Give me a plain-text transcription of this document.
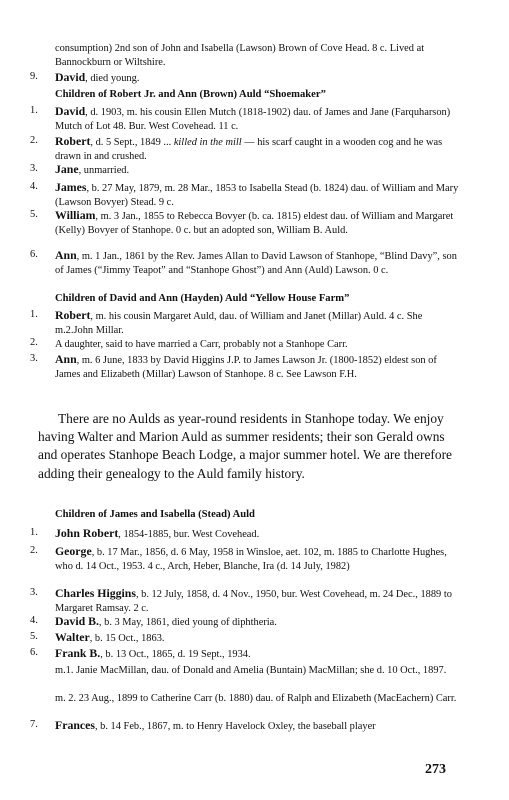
consumption) 2nd son of John and Isabella (Lawson) Brown of Cove Head. 8 c. Lived at Bannockburn or Wiltshire.
9.	David, died young.
Children of Robert Jr. and Ann (Brown) Auld “Shoemaker”
1.	David, d. 1903, m. his cousin Ellen Mutch (1818-1902) dau. of James and Jane (Farquharson) Mutch of Lot 48. Bur. West Covehead. 11 c.
2.	Robert, d. 5 Sept., 1849 ... killed in the mill — his scarf caught in a wooden cog and he was drawn in and crushed.
3.	Jane, unmarried.
4.	James, b. 27 May, 1879, m. 28 Mar., 1853 to Isabella Stead (b. 1824) dau. of William and Mary (Lawson Bovyer) Stead. 9 c.
5.	William, m. 3 Jan., 1855 to Rebecca Bovyer (b. ca. 1815) eldest dau. of William and Margaret (Kelly) Bovyer of Stanhope. 0 c. but an adopted son, William B. Auld.
6.	Ann, m. 1 Jan., 1861 by the Rev. James Allan to David Lawson of Stanhope, “Blind Davy”, son of James (“Jimmy Teapot” and “Stanhope Ghost”) and Ann (Auld) Lawson. 0 c.
Children of David and Ann (Hayden) Auld “Yellow House Farm”
1.	Robert, m. his cousin Margaret Auld, dau. of William and Janet (Millar) Auld. 4 c. She m.2.John Millar.
2.	A daughter, said to have married a Carr, probably not a Stanhope Carr.
3.	Ann, m. 6 June, 1833 by David Higgins J.P. to James Lawson Jr. (1800-1852) eldest son of James and Elizabeth (Millar) Lawson of Stanhope. 8 c. See Lawson F.H.
There are no Aulds as year-round residents in Stanhope today. We enjoy having Walter and Marion Auld as summer residents; their son Gerald owns and operates Stanhope Beach Lodge, a major summer hotel. We are therefore adding their genealogy to the Auld family history.
Children of James and Isabella (Stead) Auld
1.	John Robert, 1854-1885, bur. West Covehead.
2.	George, b. 17 Mar., 1856, d. 6 May, 1958 in Winsloe, aet. 102, m. 1885 to Charlotte Hughes, who d. 14 Oct., 1953. 4 c., Arch, Heber, Blanche, Ira (d. 14 July, 1982)
3.	Charles Higgins, b. 12 July, 1858, d. 4 Nov., 1950, bur. West Covehead, m. 24 Dec., 1889 to Margaret Ramsay. 2 c.
4.	David B., b. 3 May, 1861, died young of diphtheria.
5.	Walter, b. 15 Oct., 1863.
6.	Frank B., b. 13 Oct., 1865, d. 19 Sept., 1934.
m.1. Janie MacMillan, dau. of Donald and Amelia (Buntain) MacMillan; she d. 10 Oct., 1897.
m. 2. 23 Aug., 1899 to Catherine Carr (b. 1880) dau. of Ralph and Elizabeth (MacEachern) Carr.
7.	Frances, b. 14 Feb., 1867, m. to Henry Havelock Oxley, the baseball player
273
